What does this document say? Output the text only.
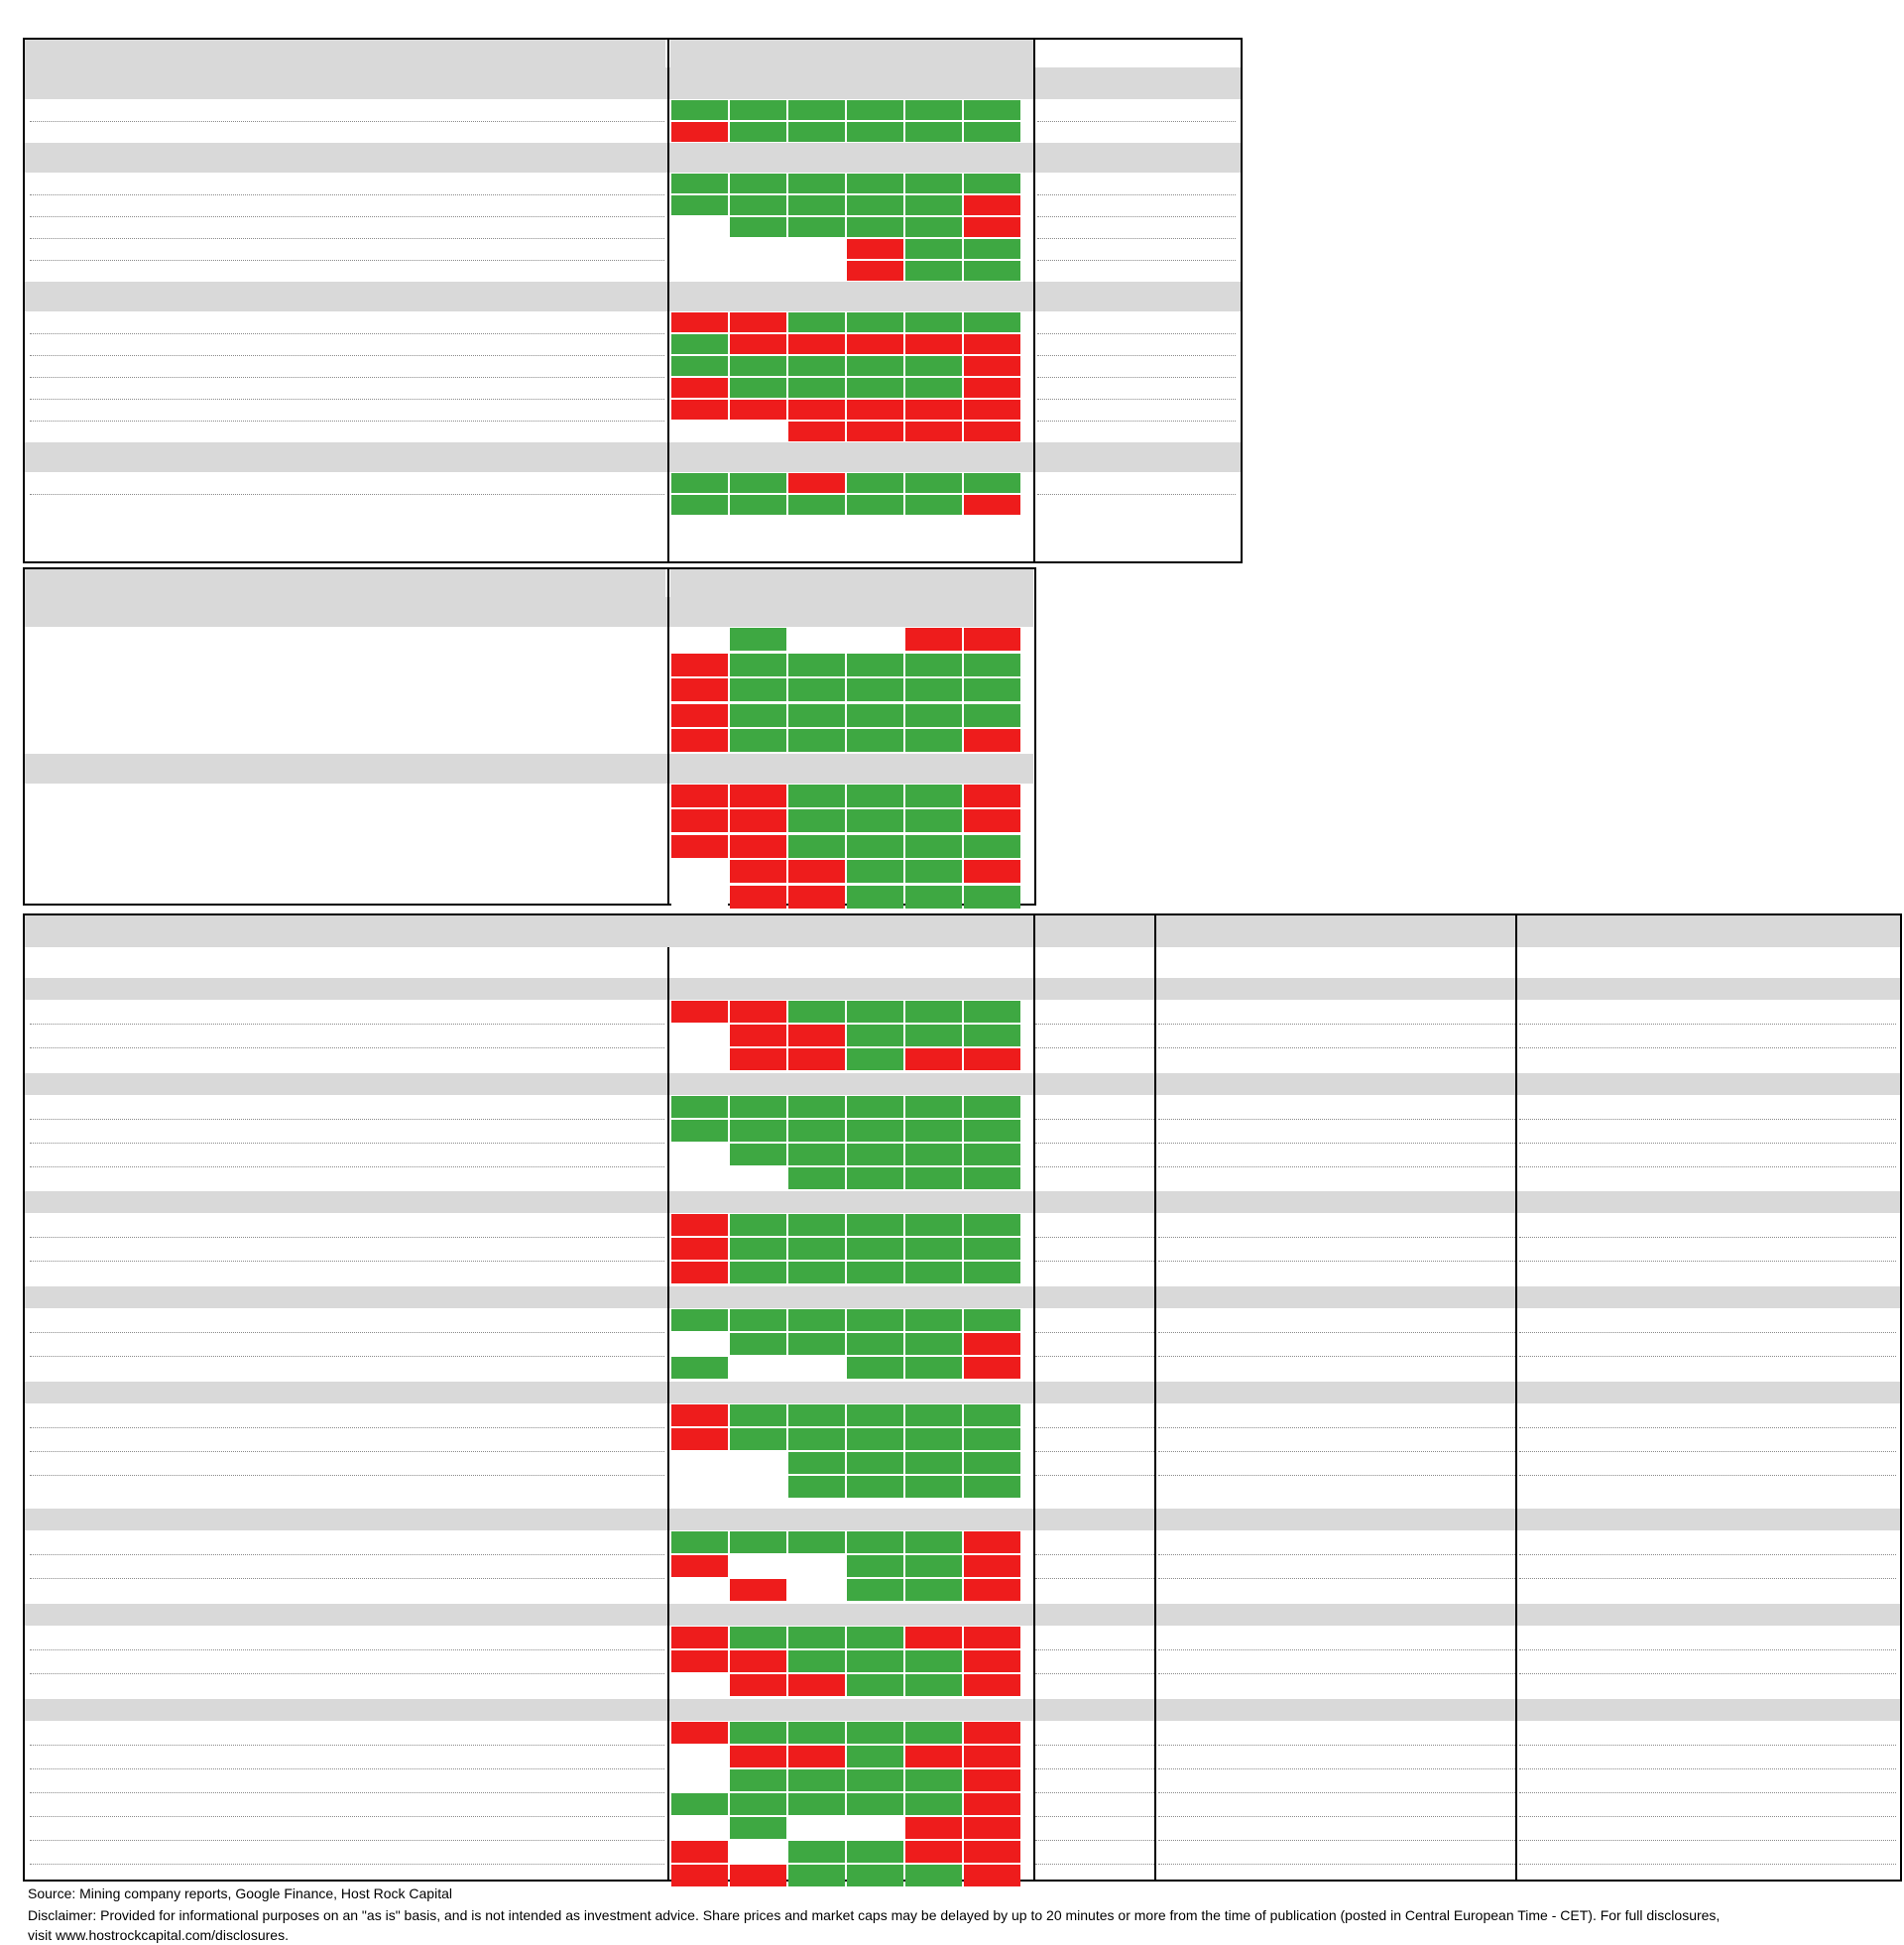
Source: Mining company reports, Google Finance, Host Rock Capital
Disclaimer: Provided for informational purposes on an "as is" basis, and is not intended as investment advice. Share prices and market caps may be delayed by up to 20 minutes or more from the time of publication (posted in Central European Time - CET). For full disclosures,
visit www.hostrockcapital.com/disclosures.
